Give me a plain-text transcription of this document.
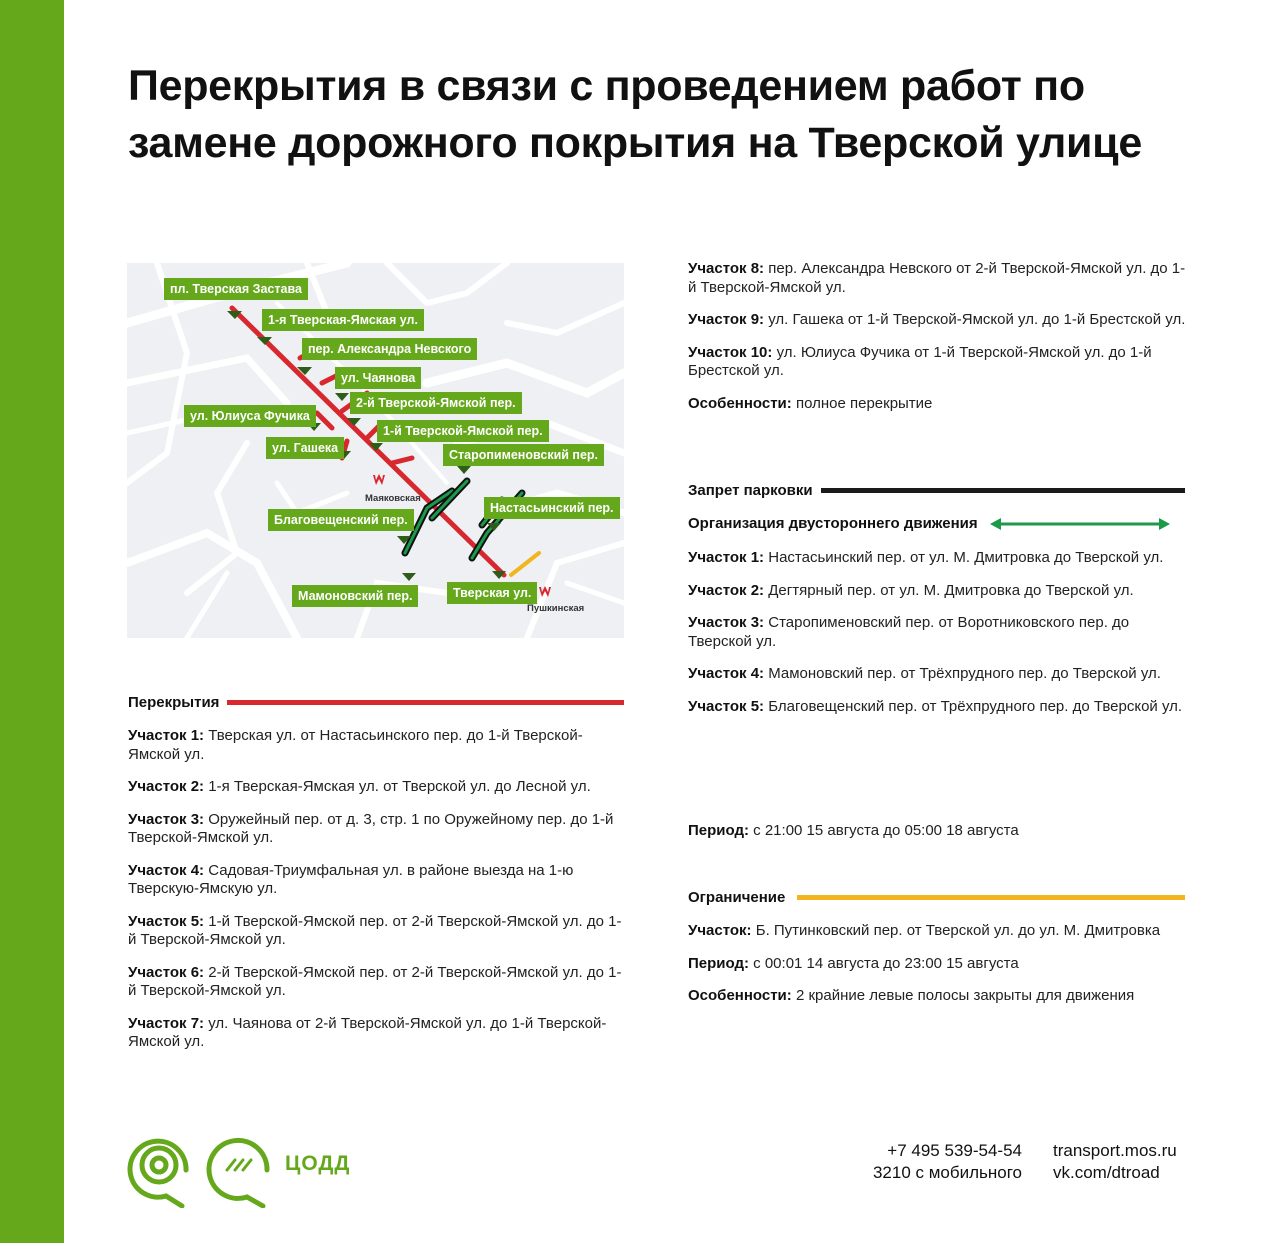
Перекрытия в связи с проведением работ по замене дорожного покрытия на Тверской улице
пл. Тверская Застава
1-я Тверская-Ямская ул.
пер. Александра Невского
ул. Чаянова
2-й Тверской-Ямской пер.
ул. Юлиуса Фучика
1-й Тверской-Ямской пер.
ул. Гашека	Старопименовский пер.
Благовещенский пер.
Настасьинский пер.
Мамоновский пер.	Тверская ул.
Маяковская
Пушкинская
Перекрытия

Участок 1: Тверская ул. от Настасьинского пер. до 1-й Тверской-Ямской ул.

Участок 2: 1-я Тверская-Ямская ул. от Тверской ул. до Лесной ул.

Участок 3: Оружейный пер. от д. 3, стр. 1 по Оружейному пер. до 1-й Тверской-Ямской ул.

Участок 4: Садовая-Триумфальная ул. в районе выезда на 1-ю Тверскую-Ямскую ул.

Участок 5: 1-й Тверской-Ямской пер. от 2-й Тверской-Ямской ул. до 1-й Тверской-Ямской ул.

Участок 6: 2-й Тверской-Ямской пер. от 2-й Тверской-Ямской ул. до 1-й Тверской-Ямской ул.

Участок 7: ул. Чаянова от 2-й Тверской-Ямской ул. до 1-й Тверской-Ямской ул.

Участок 8: пер. Александра Невского от 2-й Тверской-Ямской ул. до 1-й Тверской-Ямской ул.

Участок 9: ул. Гашека от 1-й Тверской-Ямской ул. до 1-й Брестской ул.

Участок 10: ул. Юлиуса Фучика от 1-й Тверской-Ямской ул. до 1-й Брестской ул.

Особенности: полное перекрытие

Запрет парковки
Организация двустороннего движения

Участок 1: Настасьинский пер. от ул. М. Дмитровка до Тверской ул.

Участок 2: Дегтярный пер. от ул. М. Дмитровка до Тверской ул.

Участок 3: Старопименовский пер. от Воротниковского пер. до Тверской ул.

Участок 4: Мамоновский пер. от Трёхпрудного пер. до Тверской ул.

Участок 5: Благовещенский пер. от Трёхпрудного пер. до Тверской ул.

Период: с 21:00 15 августа до 05:00 18 августа

Ограничение

Участок: Б. Путинковский пер. от Тверской ул. до ул. М. Дмитровка

Период: с 00:01 14 августа до 23:00 15 августа

Особенности: 2 крайние левые полосы закрыты для движения

ЦОДД
+7 495 539-54-54
3210 с мобильного
transport.mos.ru
vk.com/dtroad
